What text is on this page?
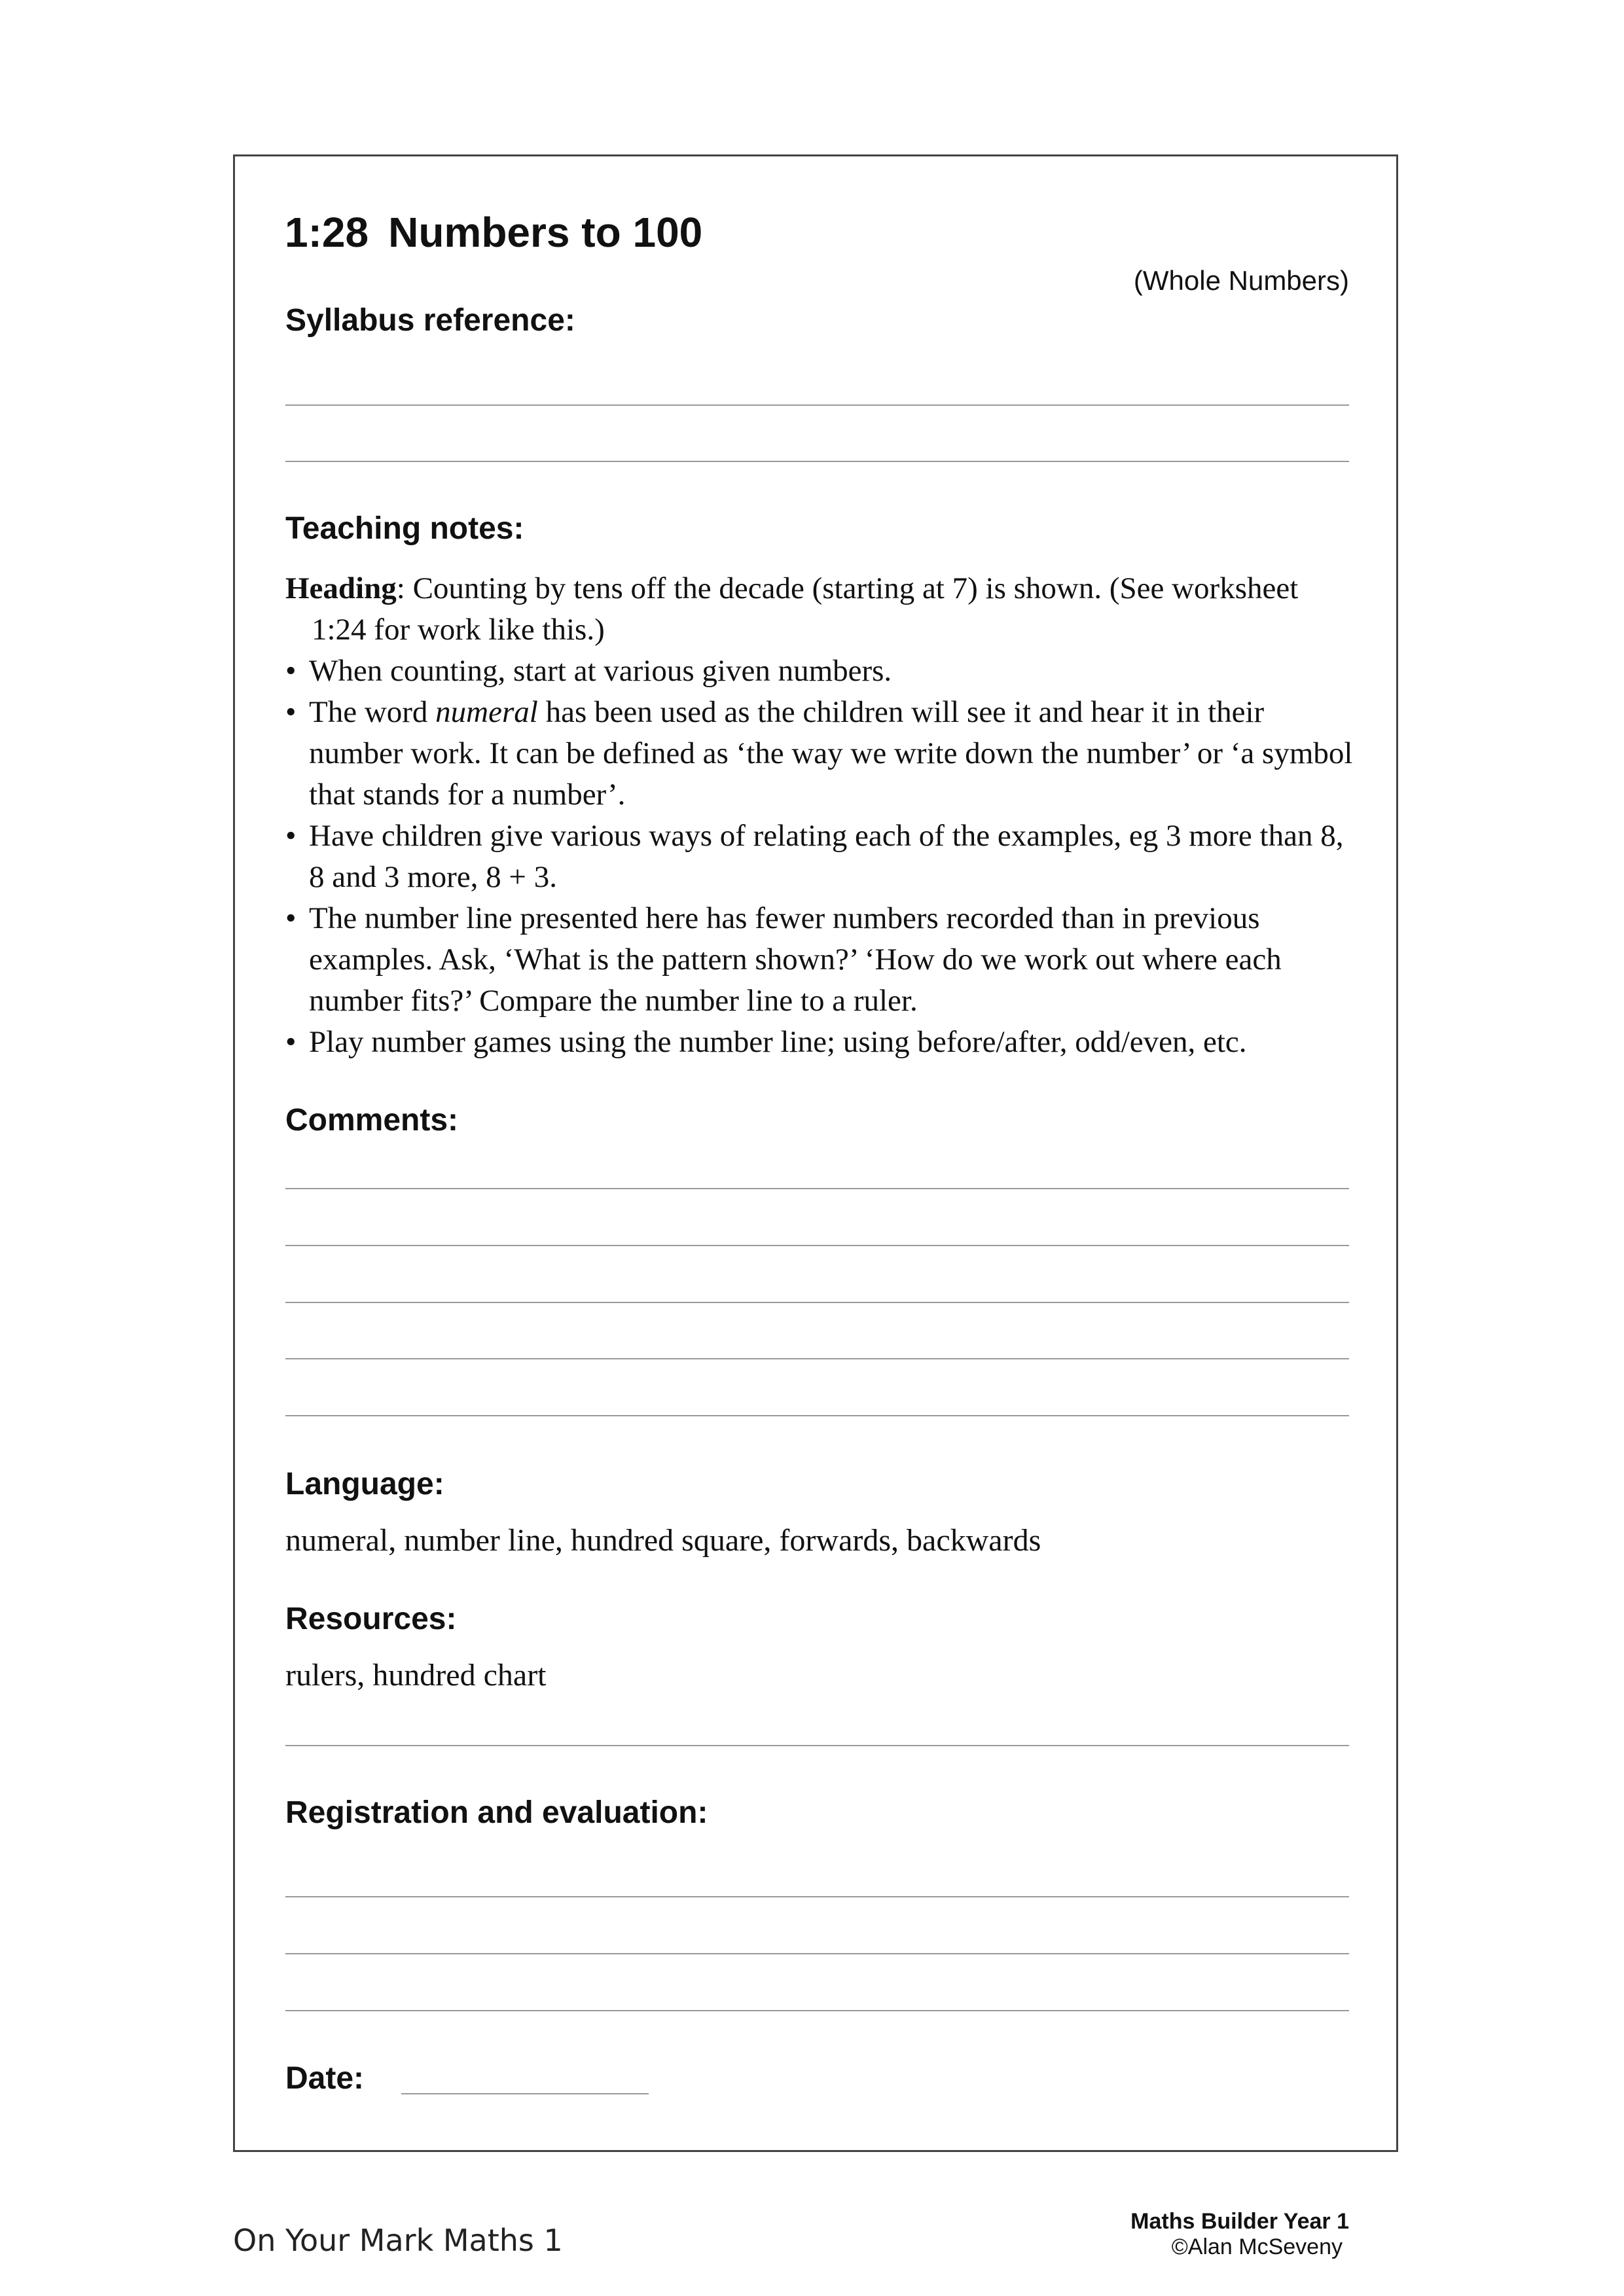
1:28 Numbers to 100
(Whole Numbers)
Syllabus reference:
Teaching notes:

Heading: Counting by tens off the decade (starting at 7) is shown. (See worksheet 1:24 for work like this.)

• When counting, start at various given numbers.
• The word numeral has been used as the children will see it and hear it in their number work. It can be defined as ‘the way we write down the number’ or ‘a symbol that stands for a number’.
• Have children give various ways of relating each of the examples, eg 3 more than 8, 8 and 3 more, 8 + 3.
• The number line presented here has fewer numbers recorded than in previous examples. Ask, ‘What is the pattern shown?’ ‘How do we work out where each number fits?’ Compare the number line to a ruler.
• Play number games using the number line; using before/after, odd/even, etc.
Comments:
Language:
numeral, number line, hundred square, forwards, backwards
Resources:
rulers, hundred chart
Registration and evaluation:
Date:
On Your Mark Maths 1
Maths Builder Year 1
©Alan McSeveny
